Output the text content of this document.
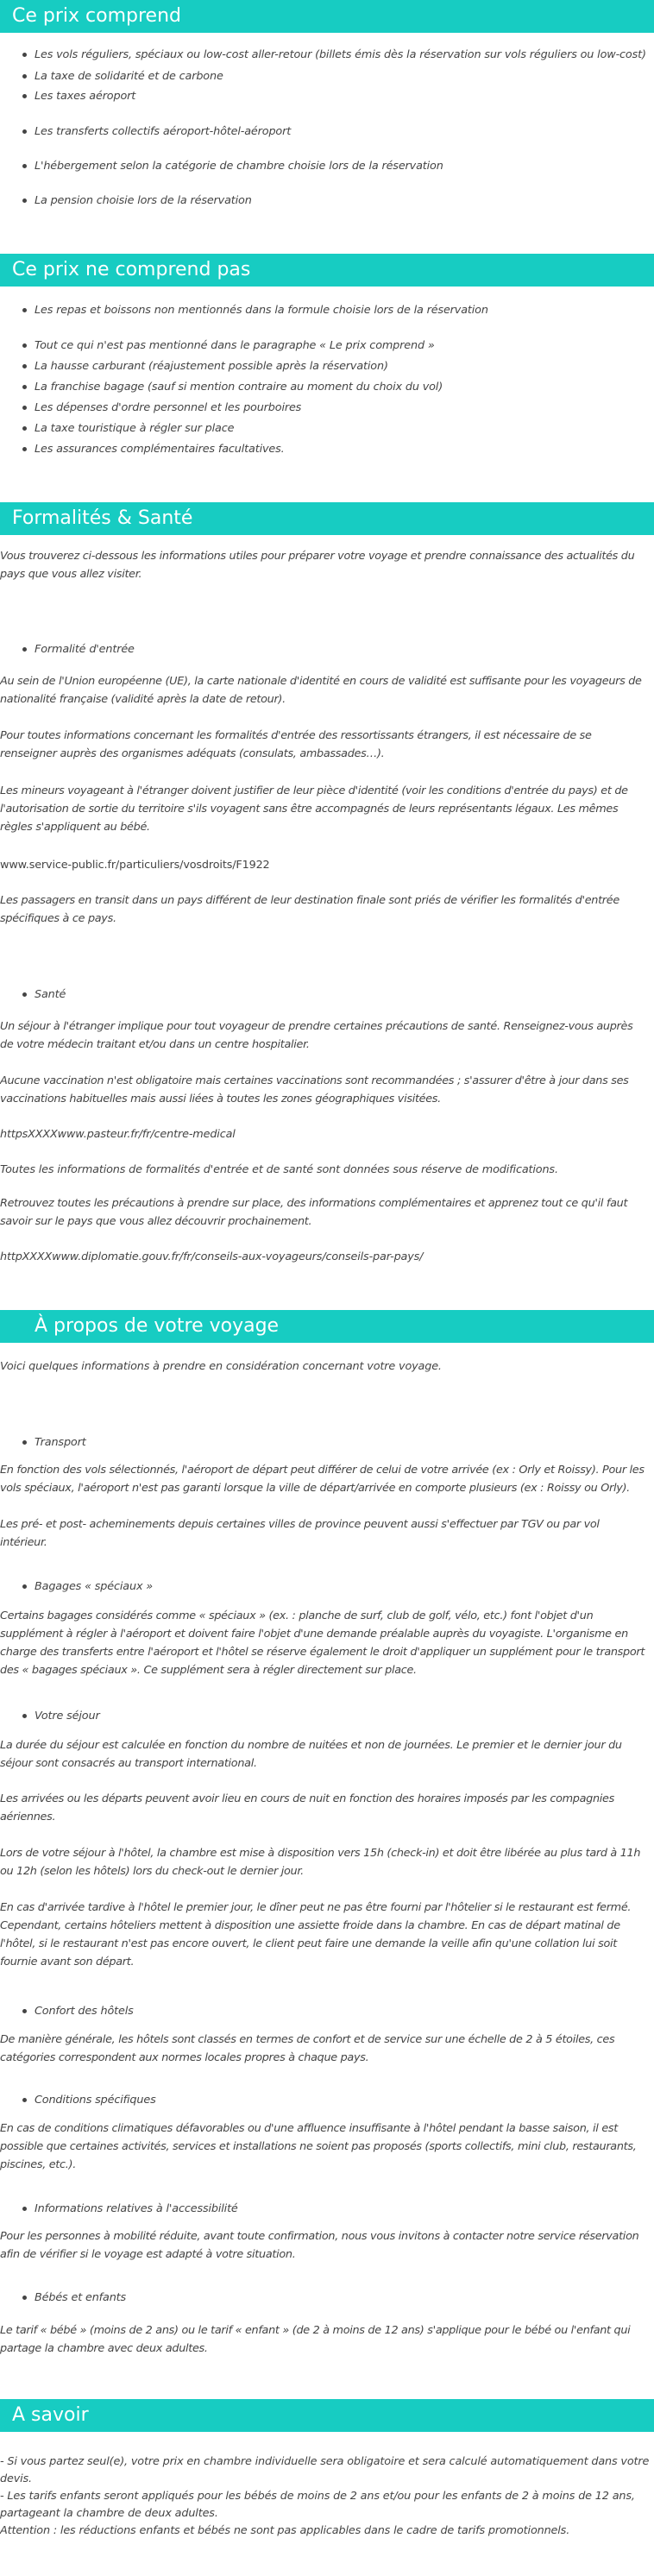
Ce prix comprend
Les vols réguliers, spéciaux ou low-cost aller-retour (billets émis dès la réservation sur vols réguliers ou low-cost)
La taxe de solidarité et de carbone
Les taxes aéroport
Les transferts collectifs aéroport-hôtel-aéroport
L'hébergement selon la catégorie de chambre choisie lors de la réservation
La pension choisie lors de la réservation
Ce prix ne comprend pas
Les repas et boissons non mentionnés dans la formule choisie lors de la réservation
Tout ce qui n'est pas mentionné dans le paragraphe « Le prix comprend »
La hausse carburant (réajustement possible après la réservation)
La franchise bagage (sauf si mention contraire au moment du choix du vol)
Les dépenses d'ordre personnel et les pourboires
La taxe touristique à régler sur place
Les assurances complémentaires facultatives.
Formalités & Santé
Vous trouverez ci-dessous les informations utiles pour préparer votre voyage et prendre connaissance des actualités du pays que vous allez visiter.
Formalité d'entrée
Au sein de l'Union européenne (UE), la carte nationale d'identité en cours de validité est suffisante pour les voyageurs de nationalité française (validité après la date de retour).
Pour toutes informations concernant les formalités d'entrée des ressortissants étrangers, il est nécessaire de se renseigner auprès des organismes adéquats (consulats, ambassades…).
Les mineurs voyageant à l'étranger doivent justifier de leur pièce d'identité (voir les conditions d'entrée du pays) et de l'autorisation de sortie du territoire s'ils voyagent sans être accompagnés de leurs représentants légaux. Les mêmes règles s'appliquent au bébé.
www.service-public.fr/particuliers/vosdroits/F1922
Les passagers en transit dans un pays différent de leur destination finale sont priés de vérifier les formalités d'entrée spécifiques à ce pays.
Santé
Un séjour à l'étranger implique pour tout voyageur de prendre certaines précautions de santé. Renseignez-vous auprès de votre médecin traitant et/ou dans un centre hospitalier.
Aucune vaccination n'est obligatoire mais certaines vaccinations sont recommandées ; s'assurer d'être à jour dans ses vaccinations habituelles mais aussi liées à toutes les zones géographiques visitées.
httpsXXXXwww.pasteur.fr/fr/centre-medical
Toutes les informations de formalités d'entrée et de santé sont données sous réserve de modifications.
Retrouvez toutes les précautions à prendre sur place, des informations complémentaires et apprenez tout ce qu'il faut savoir sur le pays que vous allez découvrir prochainement.
httpXXXXwww.diplomatie.gouv.fr/fr/conseils-aux-voyageurs/conseils-par-pays/
À propos de votre voyage
Voici quelques informations à prendre en considération concernant votre voyage.
Transport
En fonction des vols sélectionnés, l'aéroport de départ peut différer de celui de votre arrivée (ex : Orly et Roissy). Pour les vols spéciaux, l'aéroport n'est pas garanti lorsque la ville de départ/arrivée en comporte plusieurs (ex : Roissy ou Orly).
Les pré- et post- acheminements depuis certaines villes de province peuvent aussi s'effectuer par TGV ou par vol intérieur.
Bagages « spéciaux »
Certains bagages considérés comme « spéciaux » (ex. : planche de surf, club de golf, vélo, etc.) font l'objet d'un supplément à régler à l'aéroport et doivent faire l'objet d'une demande préalable auprès du voyagiste. L'organisme en charge des transferts entre l'aéroport et l'hôtel se réserve également le droit d'appliquer un supplément pour le transport des « bagages spéciaux ». Ce supplément sera à régler directement sur place.
Votre séjour
La durée du séjour est calculée en fonction du nombre de nuitées et non de journées. Le premier et le dernier jour du séjour sont consacrés au transport international.
Les arrivées ou les départs peuvent avoir lieu en cours de nuit en fonction des horaires imposés par les compagnies aériennes.
Lors de votre séjour à l'hôtel, la chambre est mise à disposition vers 15h (check-in) et doit être libérée au plus tard à 11h ou 12h (selon les hôtels) lors du check-out le dernier jour.
En cas d'arrivée tardive à l'hôtel le premier jour, le dîner peut ne pas être fourni par l'hôtelier si le restaurant est fermé. Cependant, certains hôteliers mettent à disposition une assiette froide dans la chambre. En cas de départ matinal de l'hôtel, si le restaurant n'est pas encore ouvert, le client peut faire une demande la veille afin qu'une collation lui soit fournie avant son départ.
Confort des hôtels
De manière générale, les hôtels sont classés en termes de confort et de service sur une échelle de 2 à 5 étoiles, ces catégories correspondent aux normes locales propres à chaque pays.
Conditions spécifiques
En cas de conditions climatiques défavorables ou d'une affluence insuffisante à l'hôtel pendant la basse saison, il est possible que certaines activités, services et installations ne soient pas proposés (sports collectifs, mini club, restaurants, piscines, etc.).
Informations relatives à l'accessibilité
Pour les personnes à mobilité réduite, avant toute confirmation, nous vous invitons à contacter notre service réservation afin de vérifier si le voyage est adapté à votre situation.
Bébés et enfants
Le tarif « bébé » (moins de 2 ans) ou le tarif « enfant » (de 2 à moins de 12 ans) s'applique pour le bébé ou l'enfant qui partage la chambre avec deux adultes.
A savoir
- Si vous partez seul(e), votre prix en chambre individuelle sera obligatoire et sera calculé automatiquement dans votre
devis.
- Les tarifs enfants seront appliqués pour les bébés de moins de 2 ans et/ou pour les enfants de 2 à moins de 12 ans,
partageant la chambre de deux adultes.
Attention : les réductions enfants et bébés ne sont pas applicables dans le cadre de tarifs promotionnels.
